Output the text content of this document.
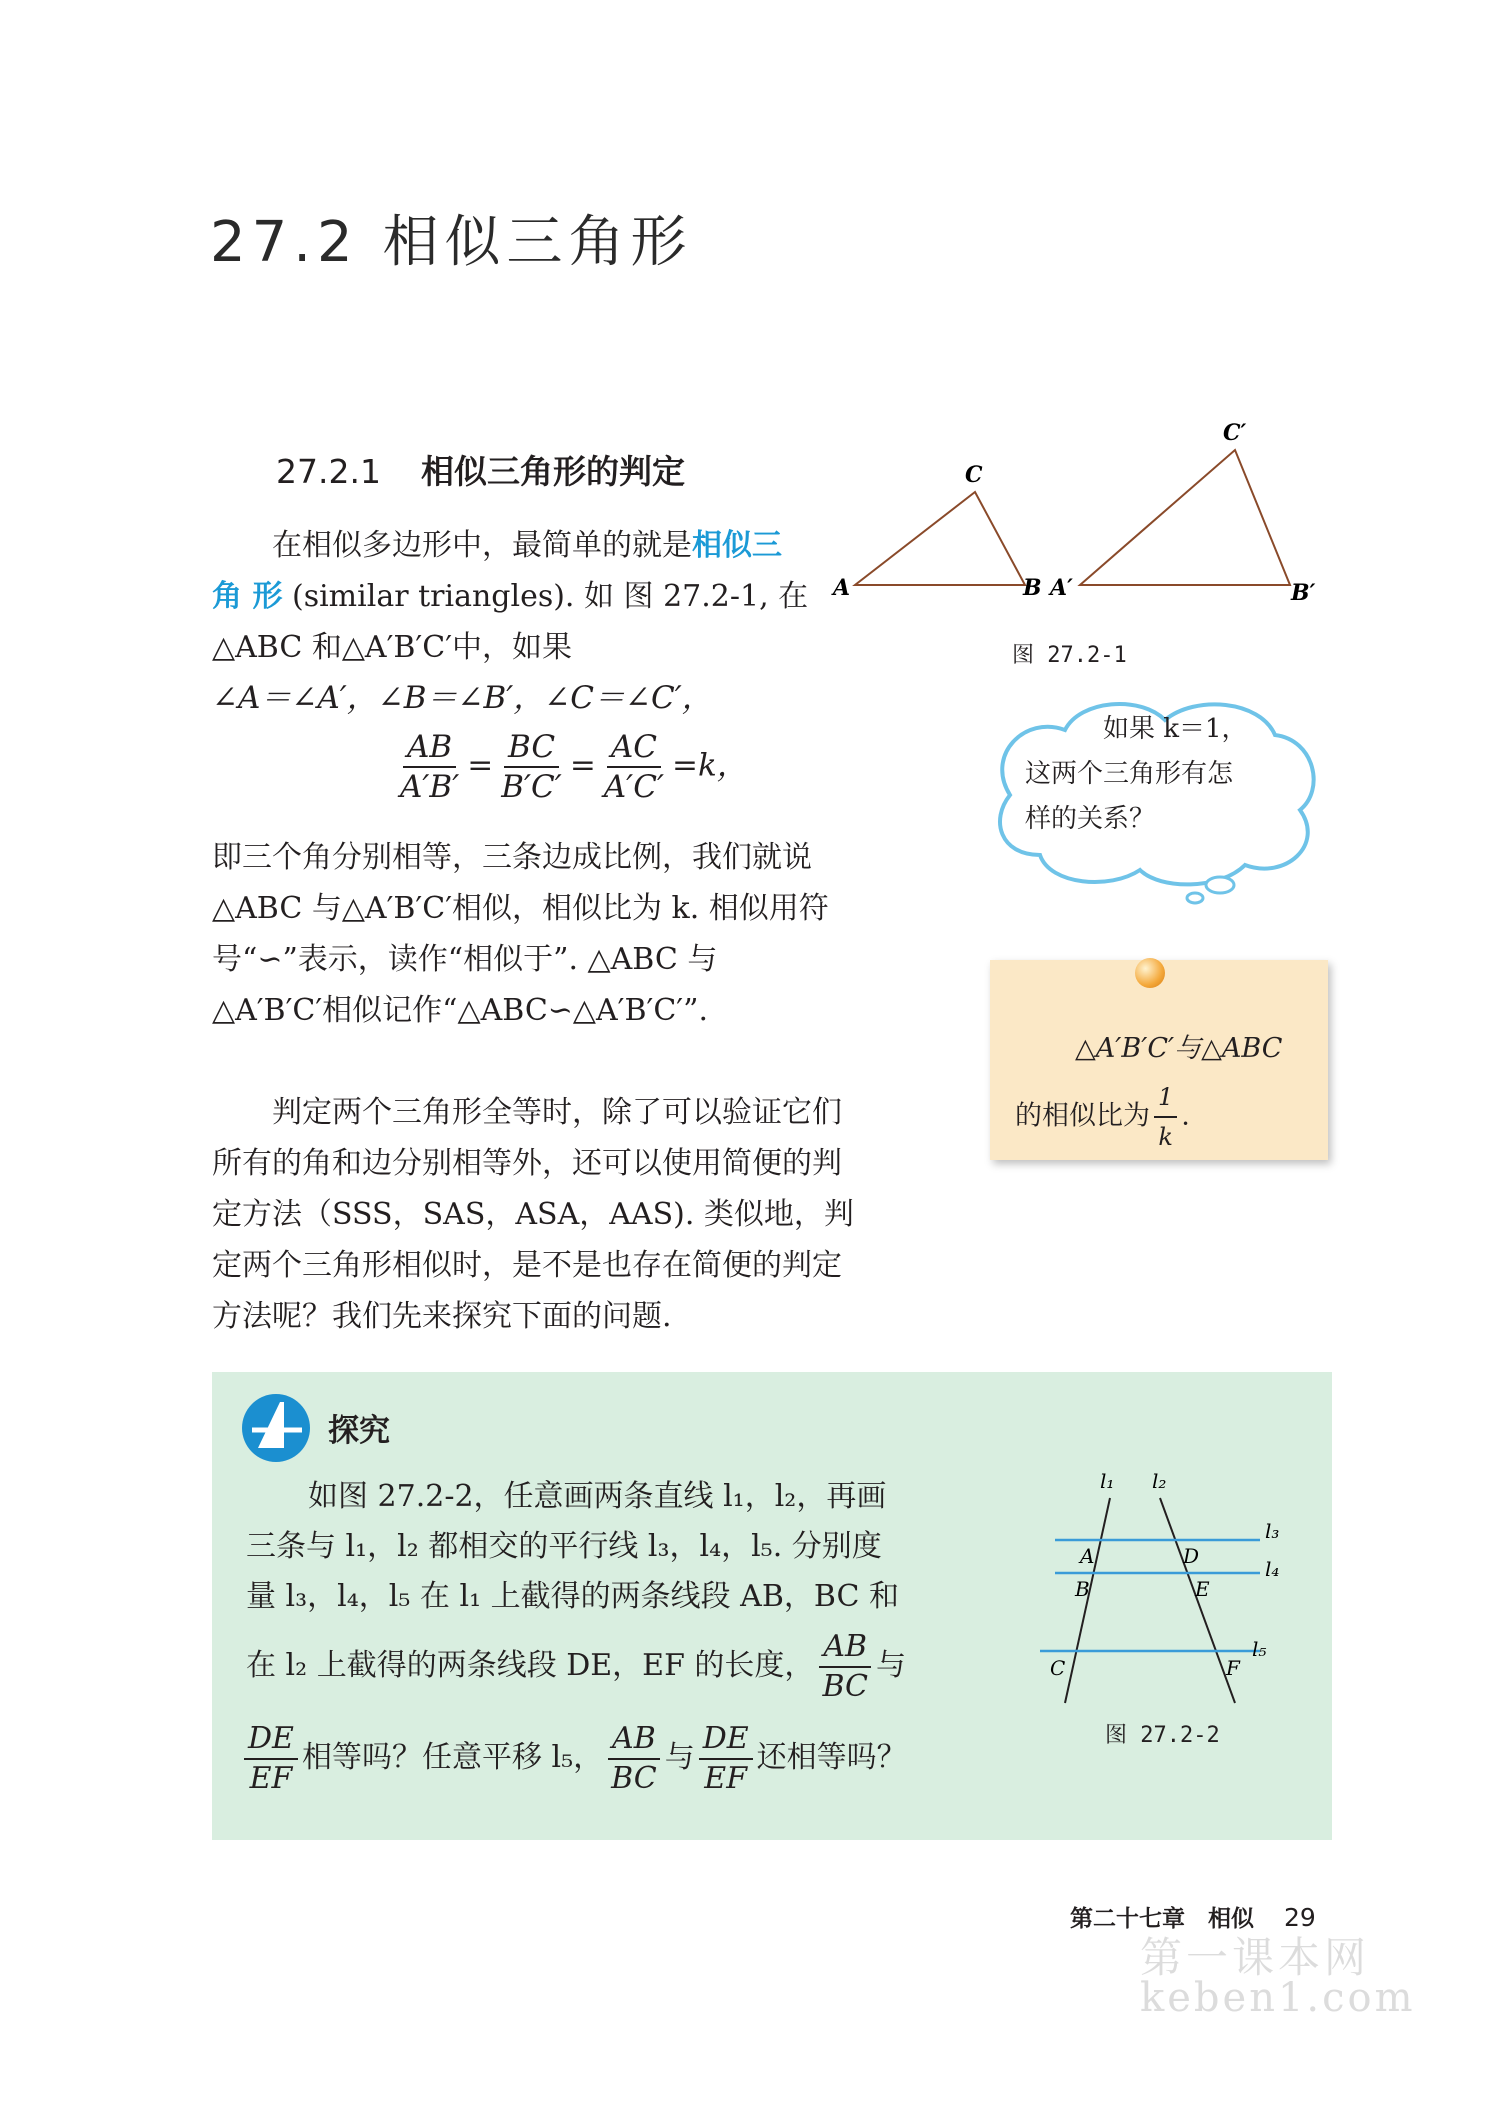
27.2 相似三角形
27.2.1 相似三角形的判定
在相似多边形中，最简单的就是相似三
角 形 (similar triangles). 如 图 27.2-1, 在
△ABC 和△A′B′C′中，如果
∠A＝∠A′，∠B＝∠B′，∠C＝∠C′，
$\frac{AB}{A'B'} = \frac{BC}{B'C'} = \frac{AC}{A'C'} =k$，
即三个角分别相等，三条边成比例，我们就说
△ABC 与△A′B′C′相似，相似比为 k. 相似用符
号“∽”表示，读作“相似于”. △ABC 与
△A′B′C′相似记作“△ABC∽△A′B′C′”.
判定两个三角形全等时，除了可以验证它们
所有的角和边分别相等外，还可以使用简便的判
定方法（SSS，SAS，ASA，AAS). 类似地，判
定两个三角形相似时，是不是也存在简便的判定
方法呢？我们先来探究下面的问题.
A	B
C
A′	B′
C′
图 27.2-1
如果 k＝1，
这两个三角形有怎
样的关系？
△A′B′C′与△ABC
的相似比为 $\frac{1}{k}$ .
探究
如图 27.2-2，任意画两条直线 l₁，l₂，再画
三条与 l₁，l₂ 都相交的平行线 l₃，l₄，l₅. 分别度
量 l₃，l₄，l₅ 在 l₁ 上截得的两条线段 AB，BC 和
在 l₂ 上截得的两条线段 DE，EF 的长度， $\frac{AB}{BC}$ 与
$\frac{DE}{EF}$ 相等吗？任意平移 l₅， $\frac{AB}{BC}$ 与 $\frac{DE}{EF}$ 还相等吗？
l₁ l₂
l₃
l₄
l₅
A
B
C
D
E
F
图 27.2-2
第二十七章　相似 29
第一课本网
keben1.com
